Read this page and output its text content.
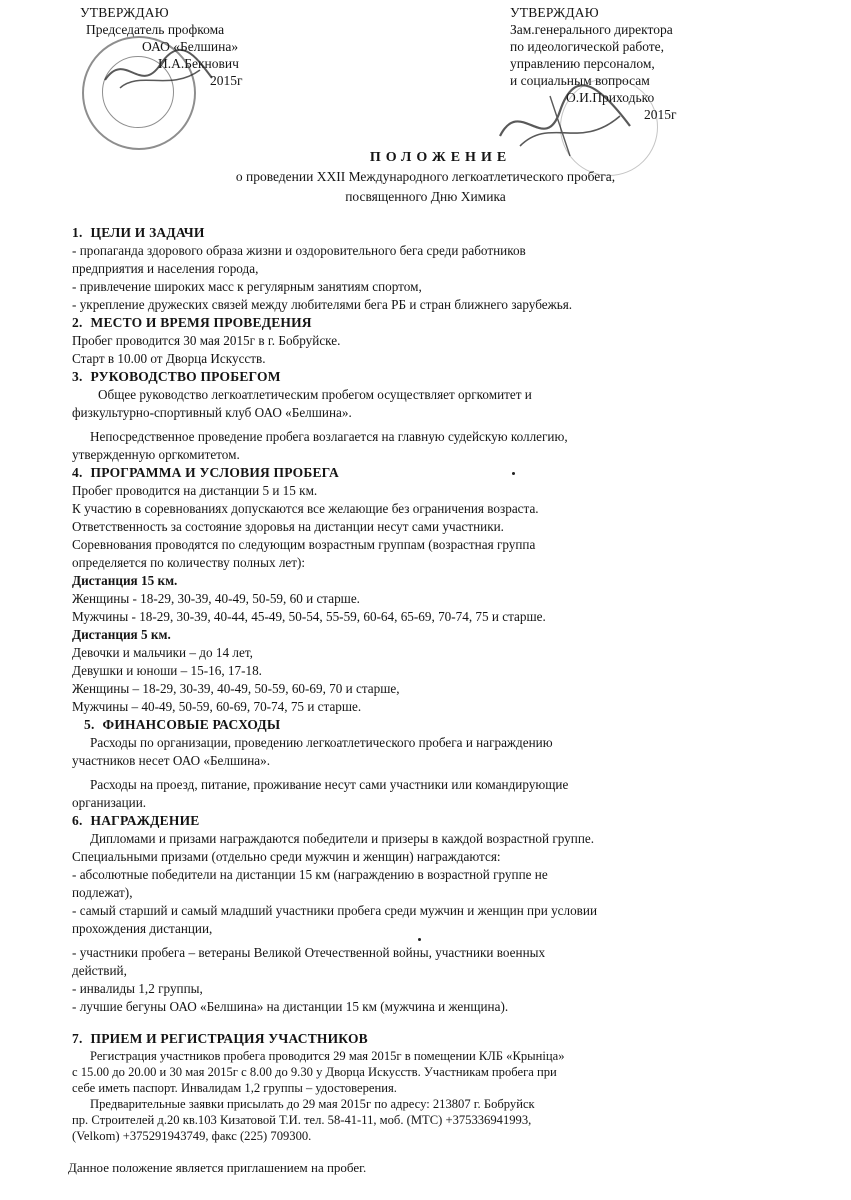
УТВЕРЖДАЮ
Председатель профкома
ОАО «Белшина»
И.А.Бекнович
2015г
УТВЕРЖДАЮ
Зам.генерального директора
по идеологической работе,
управлению персоналом,
и социальным вопросам
О.И.Приходько
2015г
ПОЛОЖЕНИЕ
о проведении XXII Международного легкоатлетического пробега,
посвященного Дню Химика
1. ЦЕЛИ И ЗАДАЧИ

- пропаганда здорового образа жизни и оздоровительного бега среди работников

предприятия и населения города,

- привлечение широких масс к регулярным занятиям спортом,

- укрепление дружеских связей между любителями бега РБ и стран ближнего зарубежья.

2. МЕСТО И ВРЕМЯ ПРОВЕДЕНИЯ

Пробег проводится 30 мая 2015г в г. Бобруйске.

Старт в 10.00 от Дворца Искусств.

3. РУКОВОДСТВО ПРОБЕГОМ

Общее руководство легкоатлетическим пробегом осуществляет оргкомитет и

физкультурно-спортивный клуб ОАО «Белшина».

Непосредственное проведение пробега возлагается на главную судейскую коллегию,

утвержденную оргкомитетом.

4. ПРОГРАММА И УСЛОВИЯ ПРОБЕГА

Пробег проводится на дистанции 5 и 15 км.

К участию в соревнованиях допускаются все желающие без ограничения возраста.

Ответственность за состояние здоровья на дистанции несут сами участники.

Соревнования проводятся по следующим возрастным группам (возрастная группа

определяется по количеству полных лет):

Дистанция 15 км.

Женщины - 18-29, 30-39, 40-49, 50-59, 60 и старше.

Мужчины - 18-29, 30-39, 40-44, 45-49, 50-54, 55-59, 60-64, 65-69, 70-74, 75 и старше.

Дистанция 5 км.

Девочки и мальчики – до 14 лет,

Девушки и юноши – 15-16, 17-18.

Женщины – 18-29, 30-39, 40-49, 50-59, 60-69, 70 и старше,

Мужчины – 40-49, 50-59, 60-69, 70-74, 75 и старше.

5. ФИНАНСОВЫЕ РАСХОДЫ

Расходы по организации, проведению легкоатлетического пробега и награждению

участников несет ОАО «Белшина».

Расходы на проезд, питание, проживание несут сами участники или командирующие

организации.

6. НАГРАЖДЕНИЕ

Дипломами и призами награждаются победители и призеры в каждой возрастной группе.

Специальными призами (отдельно среди мужчин и женщин) награждаются:

- абсолютные победители на дистанции 15 км (награждению в возрастной группе не

подлежат),

- самый старший и самый младший участники пробега среди мужчин и женщин при условии

прохождения дистанции,

- участники пробега – ветераны Великой Отечественной войны, участники военных

действий,

- инвалиды 1,2 группы,

- лучшие бегуны ОАО «Белшина» на дистанции 15 км (мужчина и женщина).

7. ПРИЕМ И РЕГИСТРАЦИЯ УЧАСТНИКОВ

Регистрация участников пробега проводится 29 мая 2015г в помещении КЛБ «Крынiца»

с 15.00 до 20.00 и 30 мая 2015г с 8.00 до 9.30 у Дворца Искусств. Участникам пробега при

себе иметь паспорт. Инвалидам 1,2 группы – удостоверения.

Предварительные заявки присылать до 29 мая 2015г по адресу: 213807 г. Бобруйск

пр. Строителей д.20 кв.103 Кизатовой Т.И. тел. 58-41-11, моб. (МТС) +375336941993,

(Velkom) +375291943749, факс (225) 709300.

Данное положение является приглашением на пробег.
